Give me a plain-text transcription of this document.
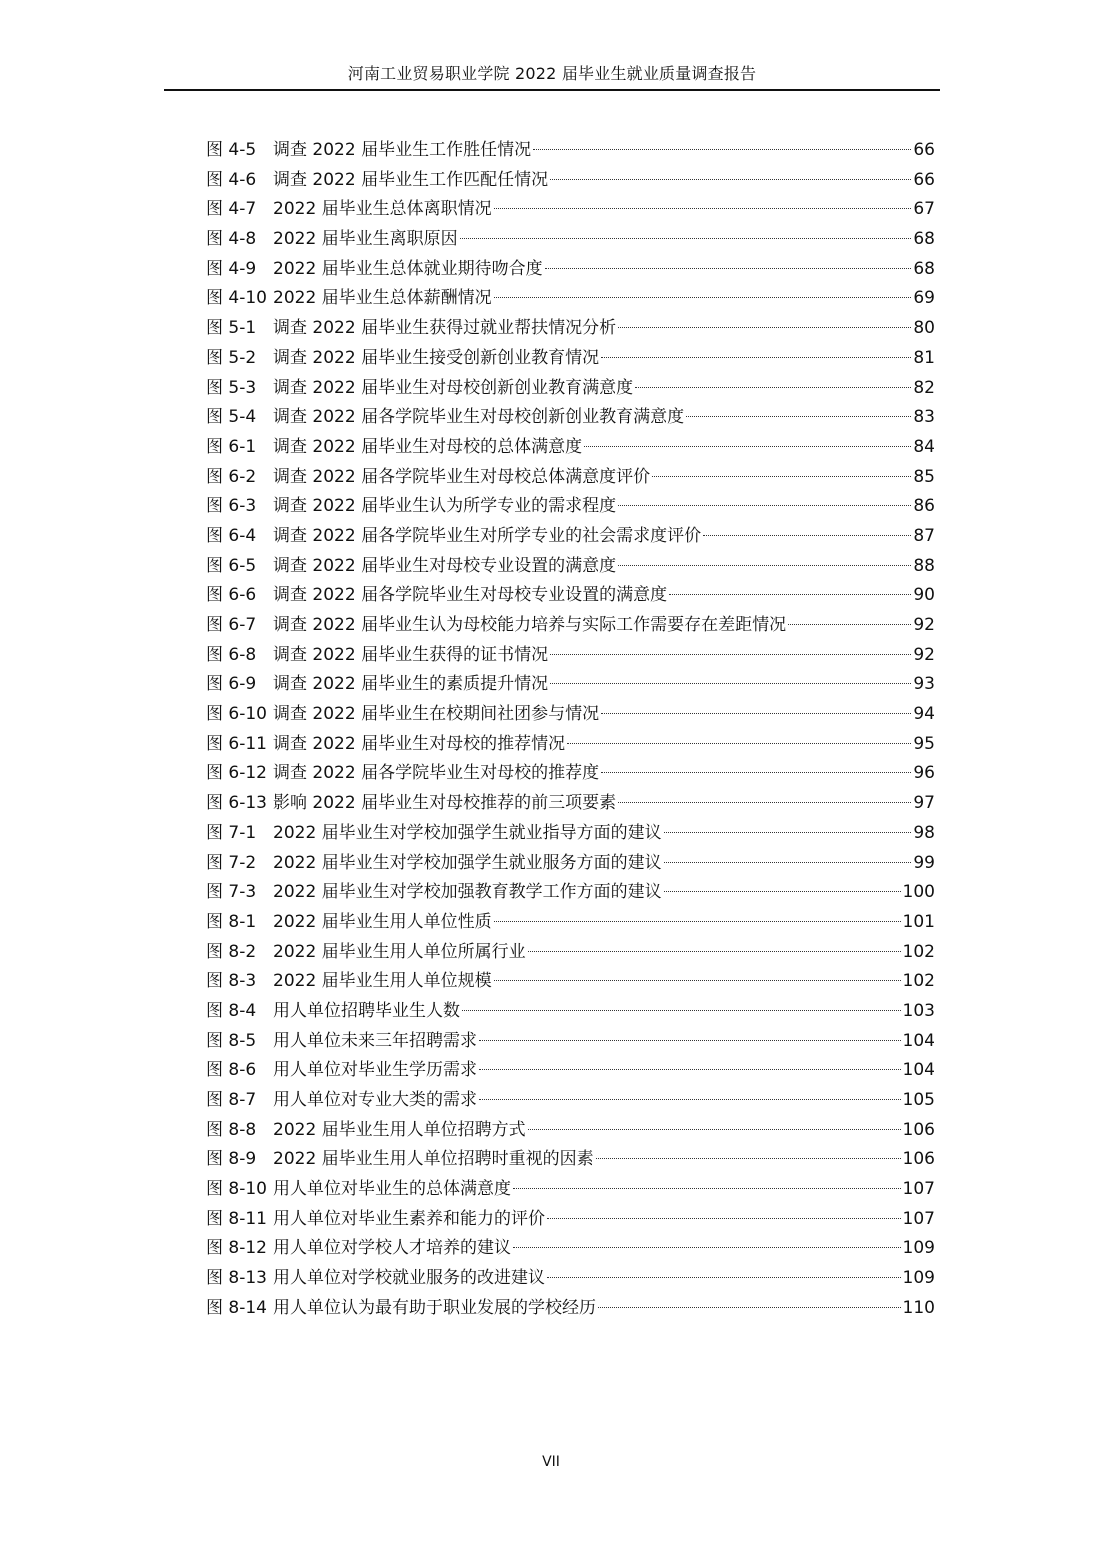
河南工业贸易职业学院 2022 届毕业生就业质量调查报告
图 4-5 调查 2022 届毕业生工作胜任情况	66
图 4-6 调查 2022 届毕业生工作匹配任情况	66
图 4-7 2022 届毕业生总体离职情况	67
图 4-8 2022 届毕业生离职原因	68
图 4-9 2022 届毕业生总体就业期待吻合度	68
图 4-10 2022 届毕业生总体薪酬情况	69
图 5-1 调查 2022 届毕业生获得过就业帮扶情况分析	80
图 5-2 调查 2022 届毕业生接受创新创业教育情况	81
图 5-3 调查 2022 届毕业生对母校创新创业教育满意度	82
图 5-4 调查 2022 届各学院毕业生对母校创新创业教育满意度	83
图 6-1 调查 2022 届毕业生对母校的总体满意度	84
图 6-2 调查 2022 届各学院毕业生对母校总体满意度评价	85
图 6-3 调查 2022 届毕业生认为所学专业的需求程度	86
图 6-4 调查 2022 届各学院毕业生对所学专业的社会需求度评价	87
图 6-5 调查 2022 届毕业生对母校专业设置的满意度	88
图 6-6 调查 2022 届各学院毕业生对母校专业设置的满意度	90
图 6-7 调查 2022 届毕业生认为母校能力培养与实际工作需要存在差距情况	92
图 6-8 调查 2022 届毕业生获得的证书情况	92
图 6-9 调查 2022 届毕业生的素质提升情况	93
图 6-10 调查 2022 届毕业生在校期间社团参与情况	94
图 6-11 调查 2022 届毕业生对母校的推荐情况	95
图 6-12 调查 2022 届各学院毕业生对母校的推荐度	96
图 6-13 影响 2022 届毕业生对母校推荐的前三项要素	97
图 7-1 2022 届毕业生对学校加强学生就业指导方面的建议	98
图 7-2 2022 届毕业生对学校加强学生就业服务方面的建议	99
图 7-3 2022 届毕业生对学校加强教育教学工作方面的建议	100
图 8-1 2022 届毕业生用人单位性质	101
图 8-2 2022 届毕业生用人单位所属行业	102
图 8-3 2022 届毕业生用人单位规模	102
图 8-4 用人单位招聘毕业生人数	103
图 8-5 用人单位未来三年招聘需求	104
图 8-6 用人单位对毕业生学历需求	104
图 8-7 用人单位对专业大类的需求	105
图 8-8 2022 届毕业生用人单位招聘方式	106
图 8-9 2022 届毕业生用人单位招聘时重视的因素	106
图 8-10 用人单位对毕业生的总体满意度	107
图 8-11 用人单位对毕业生素养和能力的评价	107
图 8-12 用人单位对学校人才培养的建议	109
图 8-13 用人单位对学校就业服务的改进建议	109
图 8-14 用人单位认为最有助于职业发展的学校经历	110
VII
